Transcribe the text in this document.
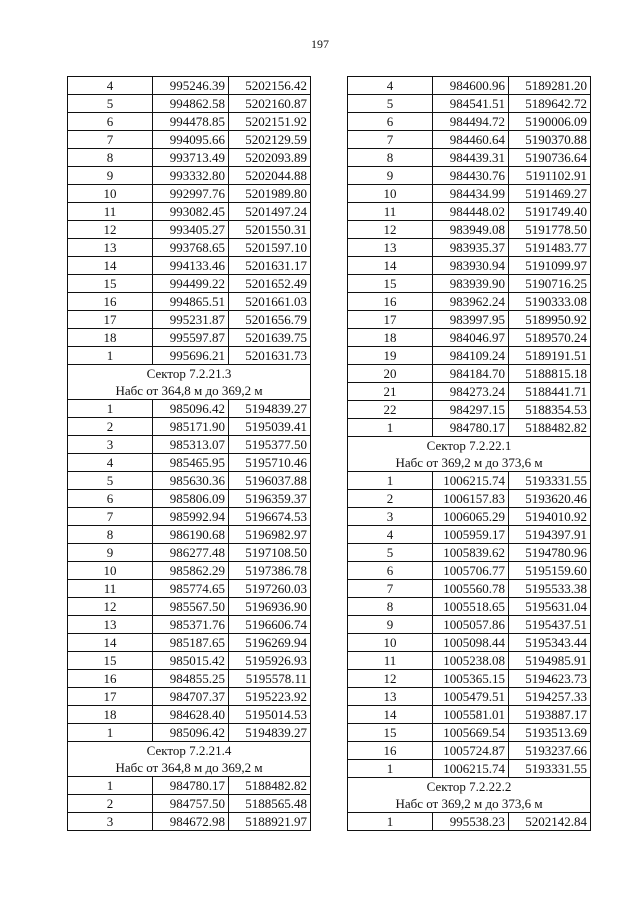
197
4	995246.39	5202156.42
5	994862.58	5202160.87
6	994478.85	5202151.92
7	994095.66	5202129.59
8	993713.49	5202093.89
9	993332.80	5202044.88
10	992997.76	5201989.80
11	993082.45	5201497.24
12	993405.27	5201550.31
13	993768.65	5201597.10
14	994133.46	5201631.17
15	994499.22	5201652.49
16	994865.51	5201661.03
17	995231.87	5201656.79
18	995597.87	5201639.75
1	995696.21	5201631.73
Сектор 7.2.21.3		
Набс от 364,8 м до 369,2 м		
1	985096.42	5194839.27
2	985171.90	5195039.41
3	985313.07	5195377.50
4	985465.95	5195710.46
5	985630.36	5196037.88
6	985806.09	5196359.37
7	985992.94	5196674.53
8	986190.68	5196982.97
9	986277.48	5197108.50
10	985862.29	5197386.78
11	985774.65	5197260.03
12	985567.50	5196936.90
13	985371.76	5196606.74
14	985187.65	5196269.94
15	985015.42	5195926.93
16	984855.25	5195578.11
17	984707.37	5195223.92
18	984628.40	5195014.53
1	985096.42	5194839.27
Сектор 7.2.21.4		
Набс от 364,8 м до 369,2 м		
1	984780.17	5188482.82
2	984757.50	5188565.48
3	984672.98	5188921.97
4	984600.96	5189281.20
5	984541.51	5189642.72
6	984494.72	5190006.09
7	984460.64	5190370.88
8	984439.31	5190736.64
9	984430.76	5191102.91
10	984434.99	5191469.27
11	984448.02	5191749.40
12	983949.08	5191778.50
13	983935.37	5191483.77
14	983930.94	5191099.97
15	983939.90	5190716.25
16	983962.24	5190333.08
17	983997.95	5189950.92
18	984046.97	5189570.24
19	984109.24	5189191.51
20	984184.70	5188815.18
21	984273.24	5188441.71
22	984297.15	5188354.53
1	984780.17	5188482.82
Сектор 7.2.22.1		
Набс от 369,2 м до 373,6 м		
1	1006215.74	5193331.55
2	1006157.83	5193620.46
3	1006065.29	5194010.92
4	1005959.17	5194397.91
5	1005839.62	5194780.96
6	1005706.77	5195159.60
7	1005560.78	5195533.38
8	1005518.65	5195631.04
9	1005057.86	5195437.51
10	1005098.44	5195343.44
11	1005238.08	5194985.91
12	1005365.15	5194623.73
13	1005479.51	5194257.33
14	1005581.01	5193887.17
15	1005669.54	5193513.69
16	1005724.87	5193237.66
1	1006215.74	5193331.55
Сектор 7.2.22.2		
Набс от 369,2 м до 373,6 м		
1	995538.23	5202142.84
